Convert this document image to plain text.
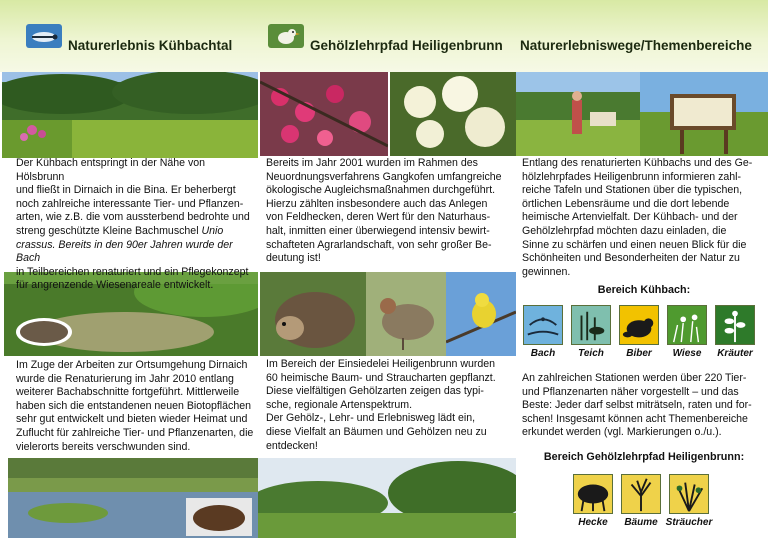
Naturerlebnis Kühbachtal	Gehölzlehrpfad Heiligenbrunn Naturerlebniswege/Themenbereiche
Der Kühbach entspringt in der Nähe von Hölsbrunn
und fließt in Dirnaich in die Bina. Er beherbergt
noch zahlreiche interessante Tier- und Pflanzen-
arten, wie z.B. die vom aussterbend bedrohte und
streng geschützte Kleine Bachmuschel Unio
crassus. Bereits in den 90er Jahren wurde der Bach
in Teilbereichen renaturiert und ein Pflegekonzept
für angrenzende Wiesenareale entwickelt.
Im Zuge der Arbeiten zur Ortsumgehung Dirnaich
wurde die Renaturierung im Jahr 2010 entlang
weiterer Bachabschnitte fortgeführt. Mittlerweile
haben sich die entstandenen neuen Biotopflächen
sehr gut entwickelt und bieten wieder Heimat und
Zuflucht für zahlreiche Tier- und Pflanzenarten, die
vielerorts bereits verschwunden sind.
Bereits im Jahr 2001 wurden im Rahmen des
Neuordnungsverfahrens Gangkofen umfangreiche
ökologische Augleichsmaßnahmen durchgeführt.
Hierzu zählten insbesondere auch das Anlegen
von Feldhecken, deren Wert für den Naturhaus-
halt, inmitten einer überwiegend intensiv bewirt-
schafteten Agrarlandschaft, von sehr großer Be-
deutung ist!
Im Bereich der Einsiedelei Heiligenbrunn wurden
60 heimische Baum- und Straucharten gepflanzt.
Diese vielfältigen Gehölzarten zeigen das typi-
sche, regionale Artenspektrum.
Der Gehölz-, Lehr- und Erlebnisweg lädt ein,
diese Vielfalt an Bäumen und Gehölzen neu zu
entdecken!
Entlang des renaturierten Kühbachs und des Ge-
hölzlehrpfades Heiligenbrunn informieren zahl-
reiche Tafeln und Stationen über die typischen,
örtlichen Lebensräume und die dort lebende
heimische Artenvielfalt. Der Kühbach- und der
Gehölzlehrpfad möchten dazu einladen, die
Sinne zu schärfen und einen neuen Blick für die
Schönheiten und Besonderheiten der Natur zu
gewinnen.
Bereich Kühbach:
Bach	Teich	Biber	Wiese	Kräuter
An zahlreichen Stationen werden über 220 Tier-
und Pflanzenarten näher vorgestellt – und das
Beste: Jeder darf selbst miträtseln, raten und for-
schen! Insgesamt können acht Themenbereiche
erkundet werden (vgl. Markierungen o./u.).
Bereich Gehölzlehrpfad Heiligenbrunn:
Hecke	Bäume Sträucher
